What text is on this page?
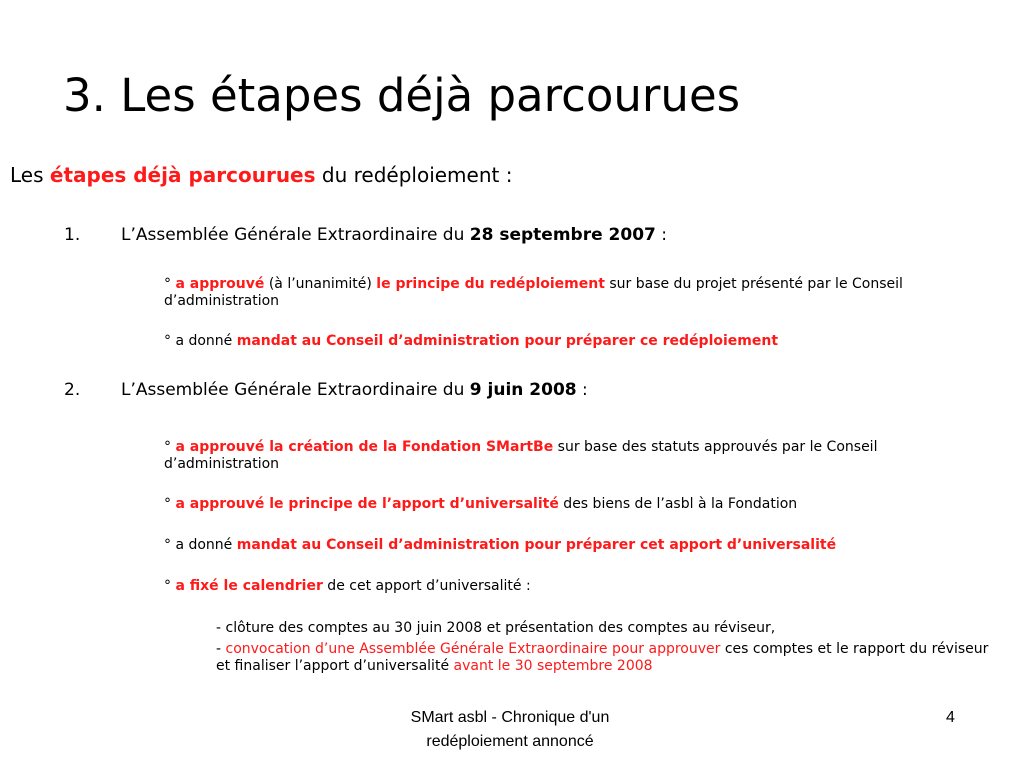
3. Les étapes déjà parcourues

Les étapes déjà parcourues du redéploiement :

1. L’Assemblée Générale Extraordinaire du 28 septembre 2007 :

° a approuvé (à l’unanimité) le principe du redéploiement sur base du projet présenté par le Conseil d’administration

° a donné mandat au Conseil d’administration pour préparer ce redéploiement

2. L’Assemblée Générale Extraordinaire du 9 juin 2008 :

° a approuvé la création de la Fondation SMartBe sur base des statuts approuvés par le Conseil d’administration

° a approuvé le principe de l’apport d’universalité des biens de l’asbl à la Fondation

° a donné mandat au Conseil d’administration pour préparer cet apport d’universalité

° a fixé le calendrier de cet apport d’universalité :

- clôture des comptes au 30 juin 2008 et présentation des comptes au réviseur,

- convocation d’une Assemblée Générale Extraordinaire pour approuver ces comptes et le rapport du réviseur et finaliser l’apport d’universalité avant le 30 septembre 2008

SMart asbl - Chronique d'un
redéploiement annoncé
4
